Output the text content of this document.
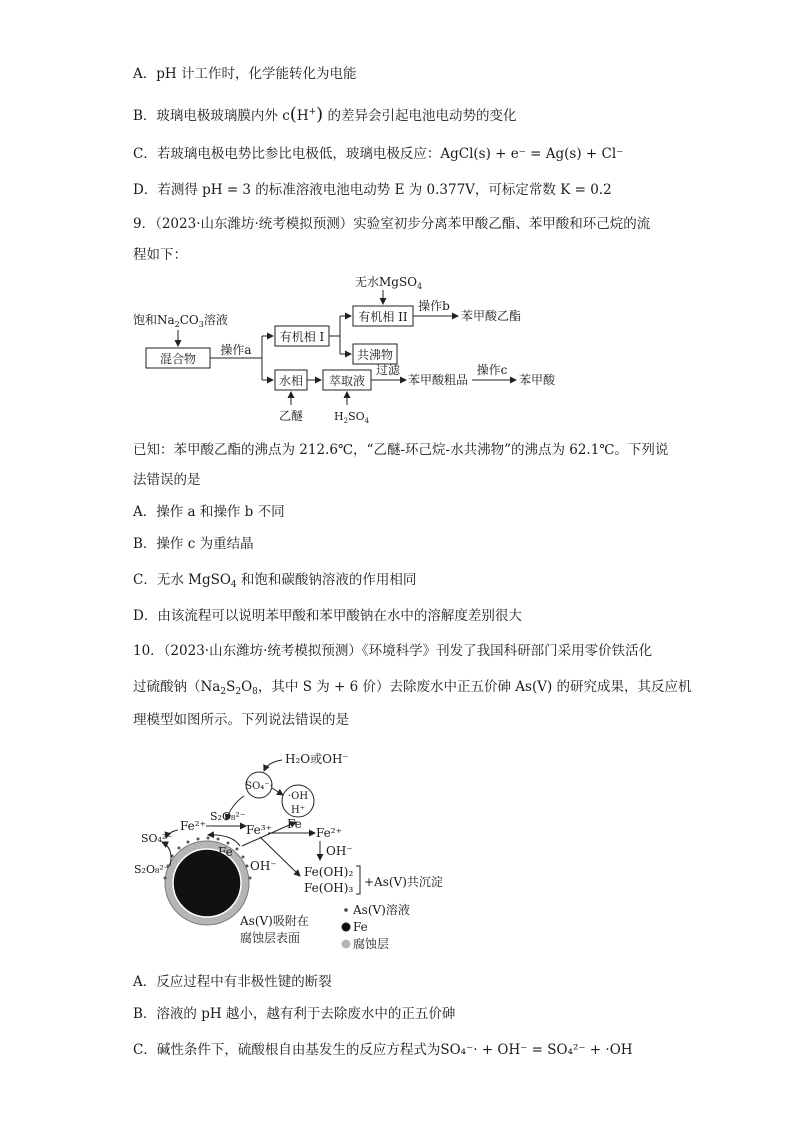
A．pH 计工作时，化学能转化为电能
B．玻璃电极玻璃膜内外 c(H+) 的差异会引起电池电动势的变化
C．若玻璃电极电势比参比电极低，玻璃电极反应：AgCl(s) + e⁻ = Ag(s) + Cl⁻
D．若测得 pH = 3 的标准溶液电池电动势 E 为 0.377V，可标定常数 K = 0.2
9．（2023·山东潍坊·统考模拟预测）实验室初步分离苯甲酸乙酯、苯甲酸和环己烷的流
程如下：
饱和$Na_2CO_3$溶液
混合物
操作a
有机相 I
水相
乙醚
无水MgSO$_4$
有机相 II
操作b
苯甲酸乙酯
共沸物
萃取液
$H_2SO_4$
过滤
苯甲酸粗品
操作c
苯甲酸
已知：苯甲酸乙酯的沸点为 212.6℃，“乙醚-环己烷-水共沸物”的沸点为 62.1℃。下列说
法错误的是
A．操作 a 和操作 b 不同
B．操作 c 为重结晶
C．无水 MgSO$_4$ 和饱和碳酸钠溶液的作用相同
D．由该流程可以说明苯甲酸和苯甲酸钠在水中的溶解度差别很大
10．（2023·山东潍坊·统考模拟预测）《环境科学》刊发了我国科研部门采用零价铁活化
过硫酸钠（$Na_2S_2O_8$，其中 S 为 + 6 价）去除废水中正五价砷 As(V) 的研究成果，其反应机
理模型如图所示。下列说法错误的是
SO₄⁻·
·OH
H⁺
H₂O或OH⁻
Fe²⁺
S₂O₈²⁻
SO₄²⁻
S₂O₈²⁻
Fe
Fe³⁺ Fe
Fe²⁺
OH⁻
OH⁻ Fe(OH)₂
Fe(OH)₃ +As(V)共沉淀
As(V)吸附在
腐蚀层表面
As(V)溶液
Fe
腐蚀层
A．反应过程中有非极性键的断裂
B．溶液的 pH 越小，越有利于去除废水中的正五价砷
C．碱性条件下，硫酸根自由基发生的反应方程式为SO₄⁻· + OH⁻ = SO₄²⁻ + ·OH
